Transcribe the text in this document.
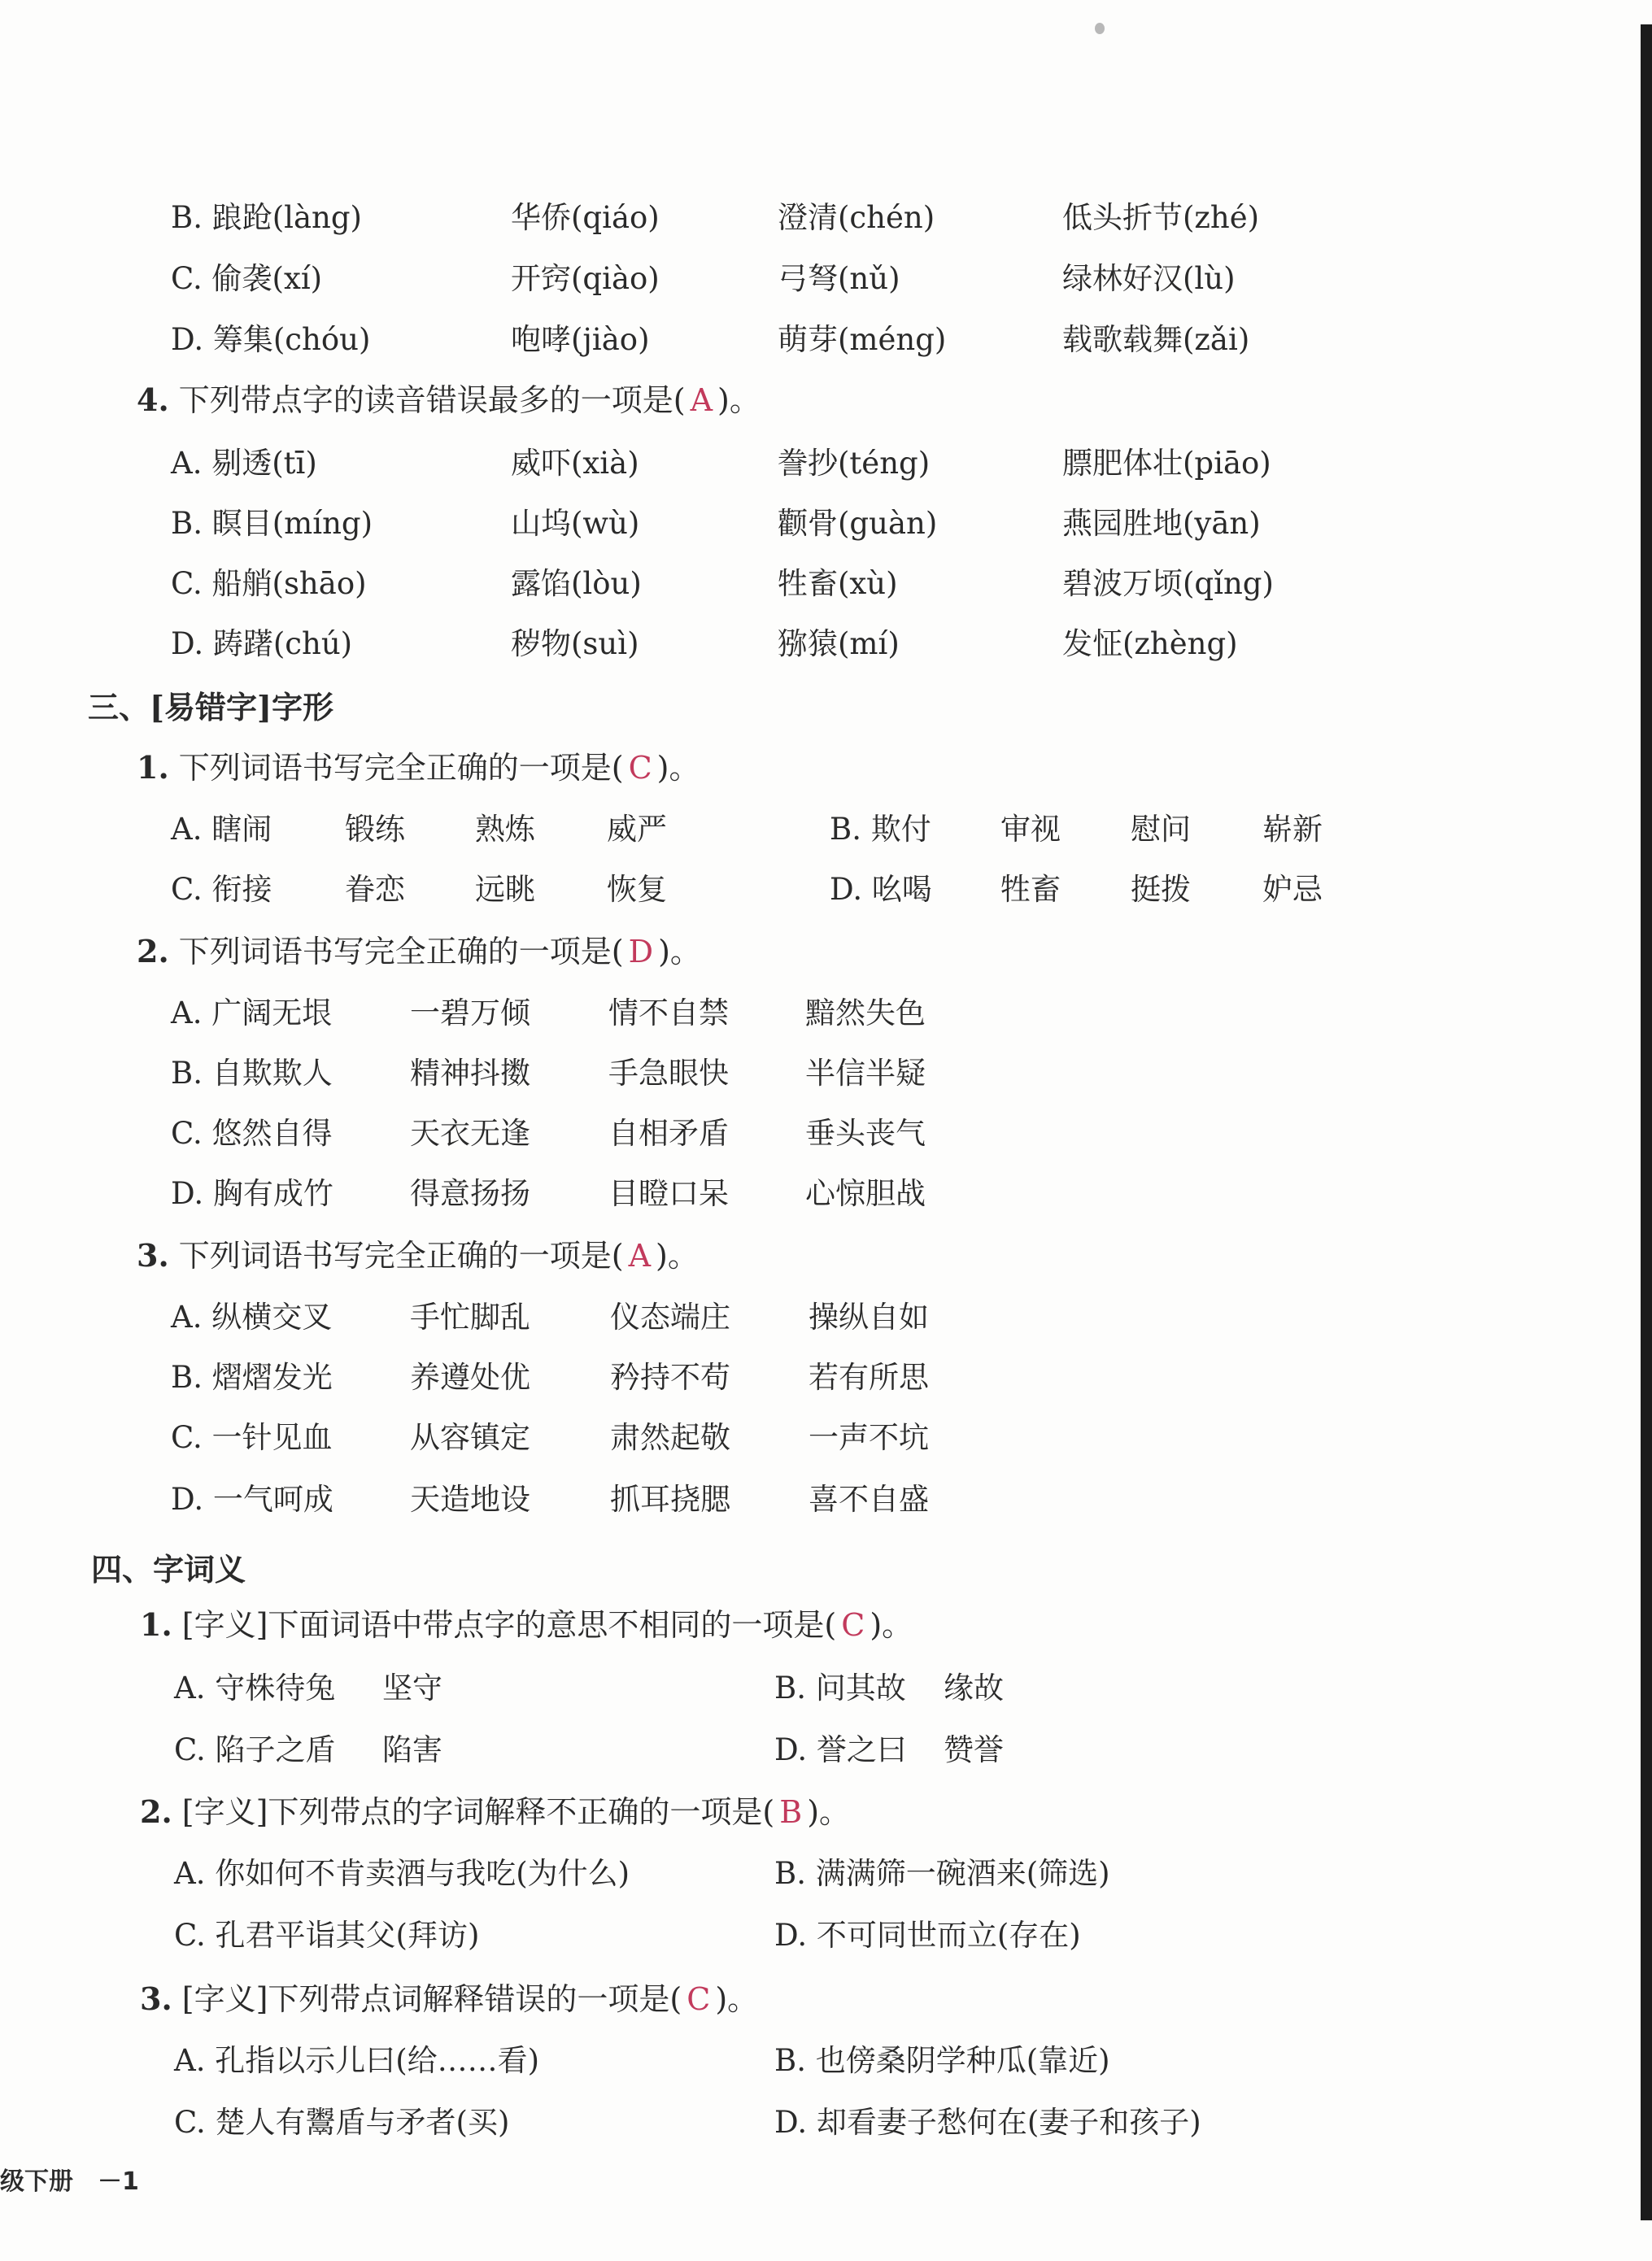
B. 踉跄(làng)	华侨(qiáo)	澄清(chén)	低头折节(zhé)
C. 偷袭(xí)	开窍(qiào)	弓弩(nǔ)	绿林好汉(lù)
D. 筹集(chóu)	咆哮(jiào)	萌芽(méng)	载歌载舞(zǎi)
4. 下列带点字的读音错误最多的一项是( A )。
A. 剔透(tī)	威吓(xià)	誊抄(téng)	膘肥体壮(piāo)
B. 瞑目(míng)	山坞(wù)	颧骨(guàn)	燕园胜地(yān)
C. 船艄(shāo)	露馅(lòu)	牲畜(xù)	碧波万顷(qǐng)
D. 踌躇(chú)	秽物(suì)	猕猿(mí)	发怔(zhèng)
三、[易错字]字形
1. 下列词语书写完全正确的一项是( C )。
A. 瞎闹 锻练 熟炼 威严	B. 欺付 审视 慰问 崭新
C. 衔接 眷恋 远眺 恢复	D. 吆喝 牲畜 挺拨 妒忌
2. 下列词语书写完全正确的一项是( D )。
A. 广阔无垠	一碧万倾	情不自禁	黯然失色
B. 自欺欺人	精神抖擞	手急眼快	半信半疑
C. 悠然自得	天衣无逢	自相矛盾	垂头丧气
D. 胸有成竹	得意扬扬	目瞪口呆	心惊胆战
3. 下列词语书写完全正确的一项是( A )。
A. 纵横交叉	手忙脚乱	仪态端庄	操纵自如
B. 熠熠发光	养遵处优	矜持不苟	若有所思
C. 一针见血	从容镇定	肃然起敬	一声不坑
D. 一气呵成	天造地设	抓耳挠腮	喜不自盛
四、字词义
1. [字义]下面词语中带点字的意思不相同的一项是( C )。
A. 守株待兔 坚守	B. 问其故 缘故
C. 陷子之盾 陷害	D. 誉之曰 赞誉
2. [字义]下列带点的字词解释不正确的一项是( B )。
A. 你如何不肯卖酒与我吃(为什么)	B. 满满筛一碗酒来(筛选)
C. 孔君平诣其父(拜访)	D. 不可同世而立(存在)
3. [字义]下列带点词解释错误的一项是( C )。
A. 孔指以示儿曰(给……看)	B. 也傍桑阴学种瓜(靠近)
C. 楚人有鬻盾与矛者(买)	D. 却看妻子愁何在(妻子和孩子)
级下册　－1
